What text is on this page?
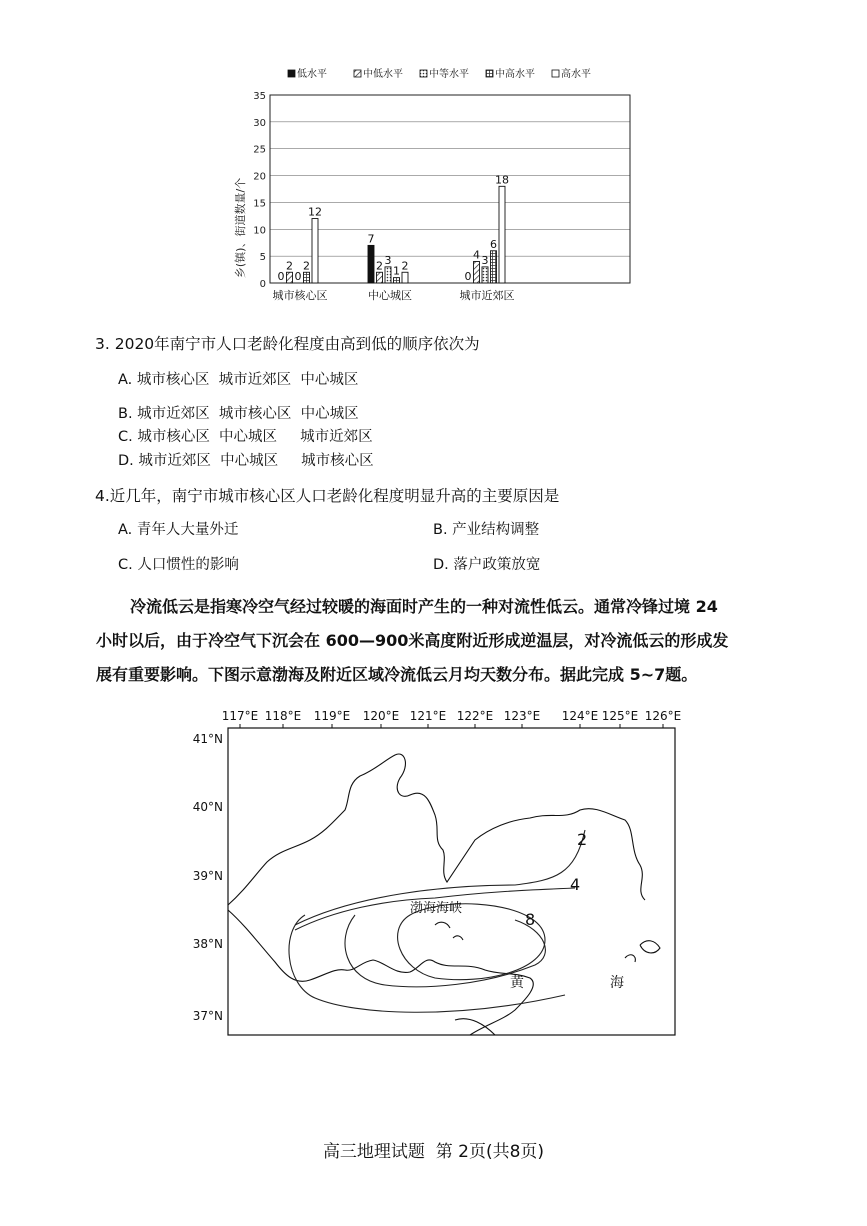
低水平	中低水平	中等水平	中高水平	高水平
乡(镇)、街道数量/个
0
5
10
15
20
25
30
35
0
2
0
2
12
7
2 3
1 2
0
4 3
6
18
城市核心区	中心城区	城市近郊区
3. 2020年南宁市人口老龄化程度由高到低的顺序依次为
A. 城市核心区  城市近郊区  中心城区
B. 城市近郊区  城市核心区  中心城区
C. 城市核心区  中心城区     城市近郊区
D. 城市近郊区  中心城区     城市核心区
4.近几年，南宁市城市核心区人口老龄化程度明显升高的主要原因是
A. 青年人大量外迁	B. 产业结构调整
C. 人口惯性的影响	D. 落户政策放宽
冷流低云是指寒冷空气经过较暖的海面时产生的一种对流性低云。通常冷锋过境 24
小时以后，由于冷空气下沉会在 600—900米高度附近形成逆温层，对冷流低云的形成发
展有重要影响。下图示意渤海及附近区域冷流低云月均天数分布。据此完成 5~7题。
117°E 118°E 119°E 120°E 121°E 122°E 123°E 124°E 125°E 126°E
41°N
40°N
39°N
38°N
37°N
2
4
8
渤海海峡
黄	海
高三地理试题  第 2页(共8页)
